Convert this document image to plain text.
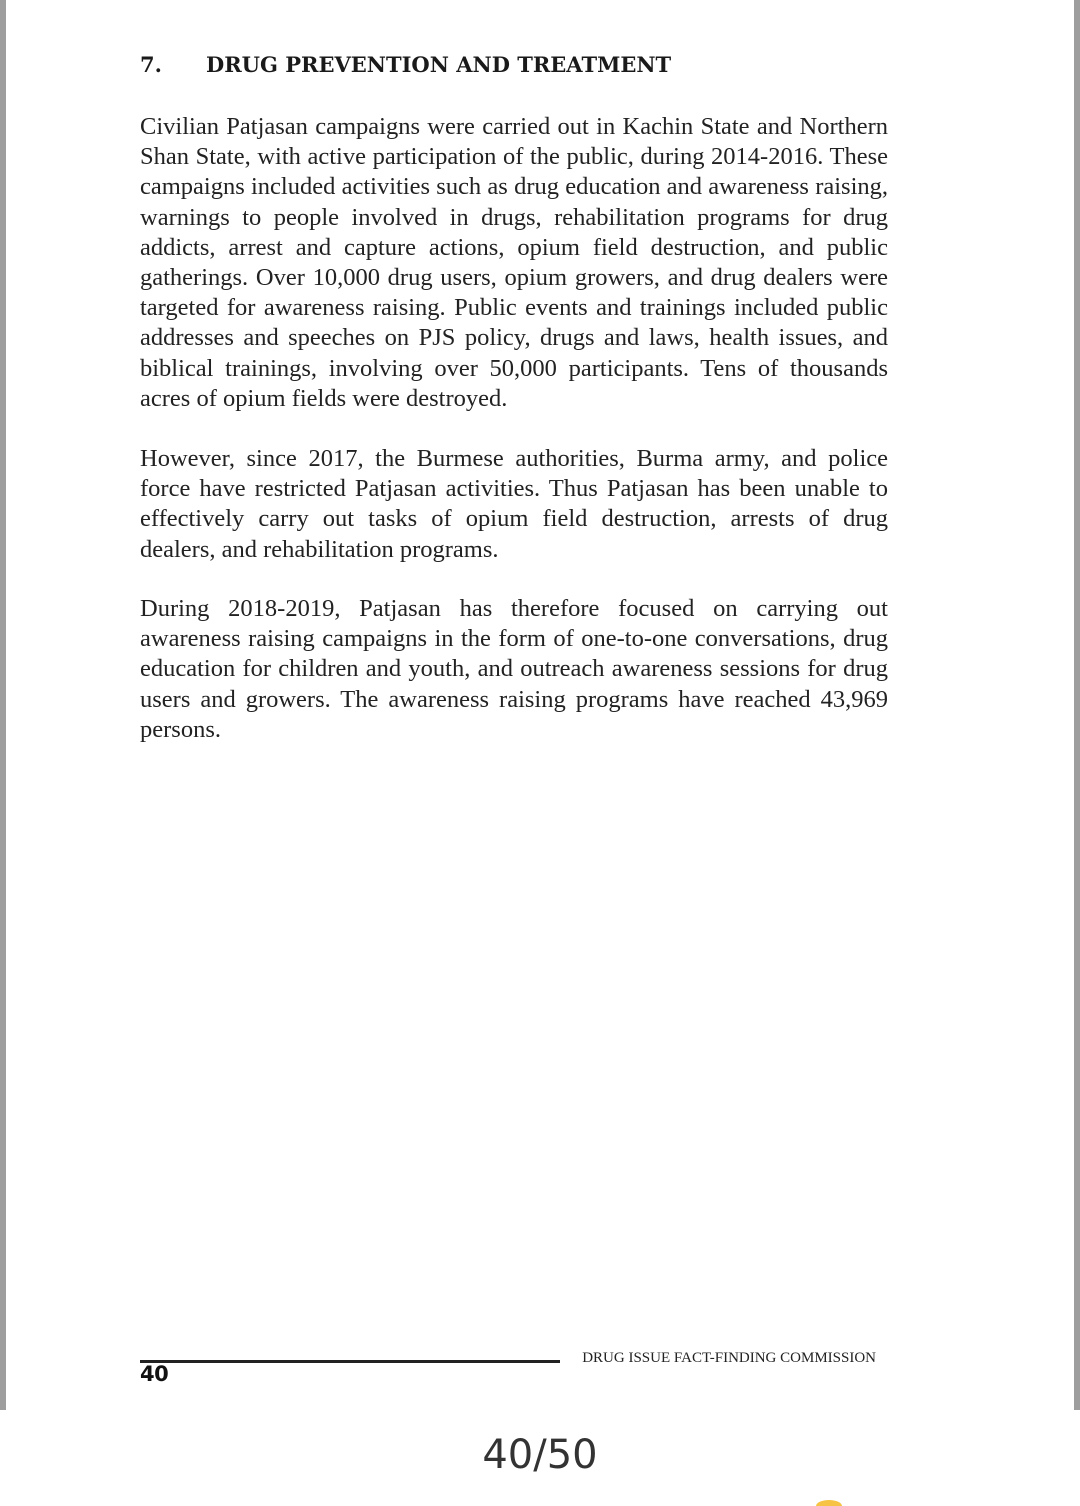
7. DRUG PREVENTION AND TREATMENT

Civilian Patjasan campaigns were carried out in Kachin State and Northern Shan State, with active participation of the public, during 2014-2016. These campaigns included activities such as drug education and awareness raising, warnings to people involved in drugs, rehabilitation programs for drug addicts, arrest and capture actions, opium field destruction, and public gatherings. Over 10,000 drug users, opium growers, and drug dealers were targeted for awareness raising. Public events and trainings included public addresses and speeches on PJS policy, drugs and laws, health issues, and biblical trainings, involving over 50,000 participants. Tens of thousands acres of opium fields were destroyed.

However, since 2017, the Burmese authorities, Burma army, and police force have restricted Patjasan activities. Thus Patjasan has been unable to effectively carry out tasks of opium field destruction, arrests of drug dealers, and rehabilitation programs.

During 2018-2019, Patjasan has therefore focused on carrying out awareness raising campaigns in the form of one-to-one conversations, drug education for children and youth, and outreach awareness sessions for drug users and growers. The awareness raising programs have reached 43,969 persons.

40
DRUG ISSUE FACT-FINDING COMMISSION
40/50
